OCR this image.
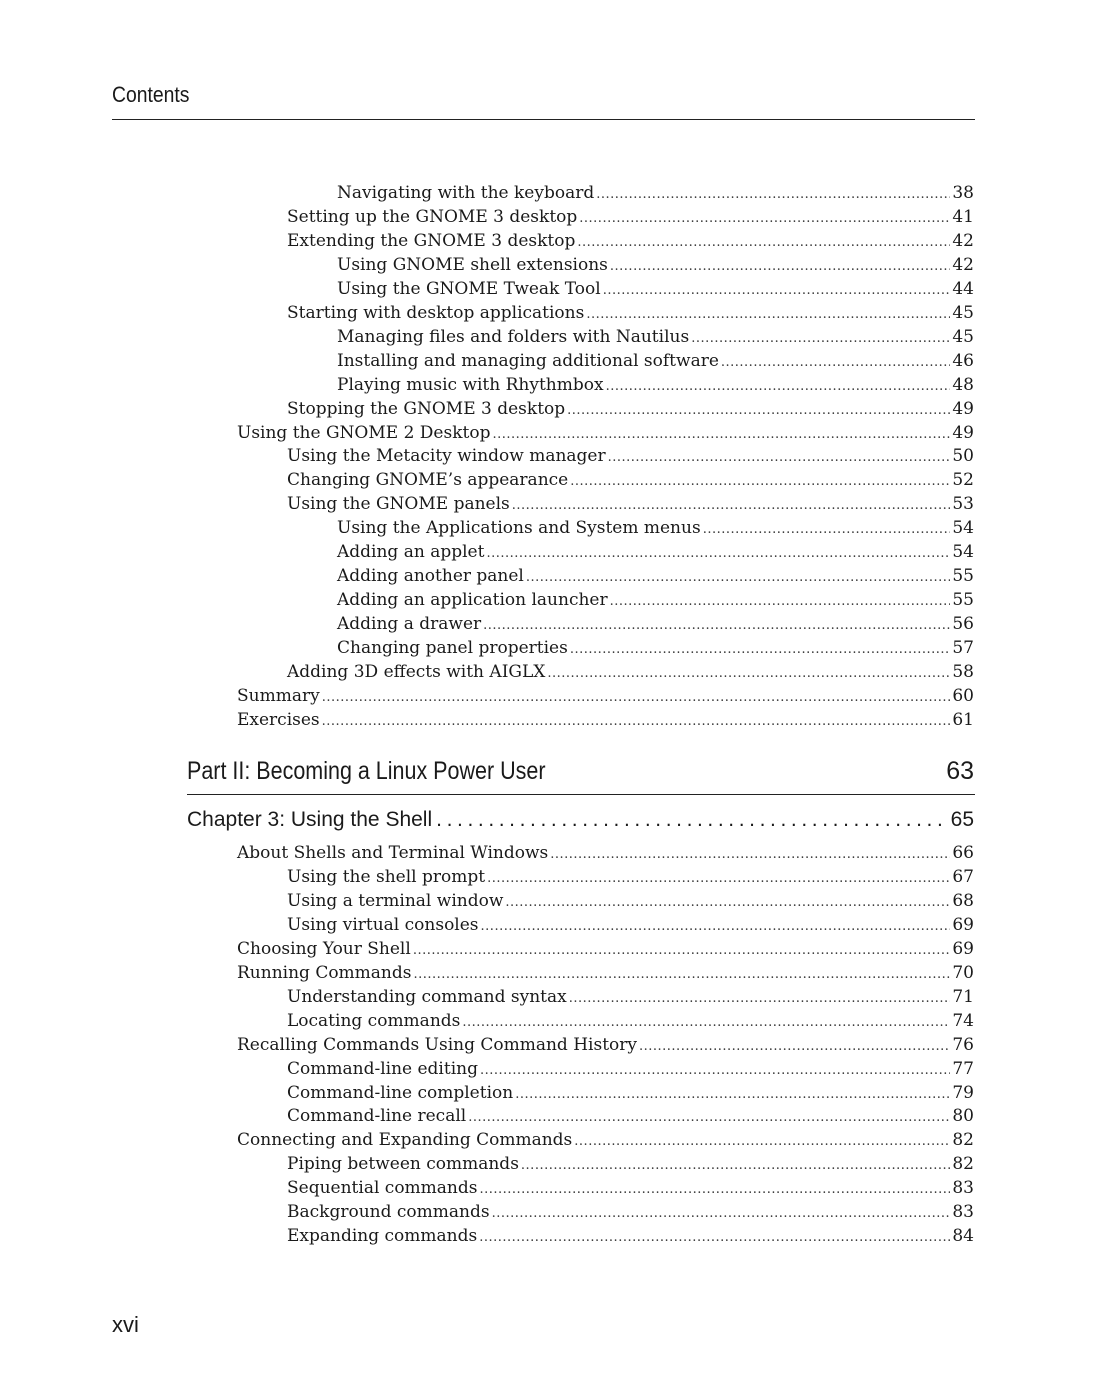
Contents
Navigating with the keyboard .....	38
Setting up the GNOME 3 desktop .....	41
Extending the GNOME 3 desktop .....	42
Using GNOME shell extensions .....	42
Using the GNOME Tweak Tool .....	44
Starting with desktop applications .....	45
Managing files and folders with Nautilus .....	45
Installing and managing additional software .....	46
Playing music with Rhythmbox .....	48
Stopping the GNOME 3 desktop .....	49
Using the GNOME 2 Desktop .....	49
Using the Metacity window manager .....	50
Changing GNOME’s appearance .....	52
Using the GNOME panels .....	53
Using the Applications and System menus .....	54
Adding an applet .....	54
Adding another panel .....	55
Adding an application launcher .....	55
Adding a drawer .....	56
Changing panel properties .....	57
Adding 3D effects with AIGLX .....	58
Summary .....	60
Exercises .....	61
Part II: Becoming a Linux Power User	63
Chapter 3: Using the Shell .....	65
About Shells and Terminal Windows .....	66
Using the shell prompt .....	67
Using a terminal window .....	68
Using virtual consoles .....	69
Choosing Your Shell .....	69
Running Commands .....	70
Understanding command syntax .....	71
Locating commands .....	74
Recalling Commands Using Command History .....	76
Command-line editing .....	77
Command-line completion .....	79
Command-line recall .....	80
Connecting and Expanding Commands .....	82
Piping between commands .....	82
Sequential commands .....	83
Background commands .....	83
Expanding commands .....	84
xvi
